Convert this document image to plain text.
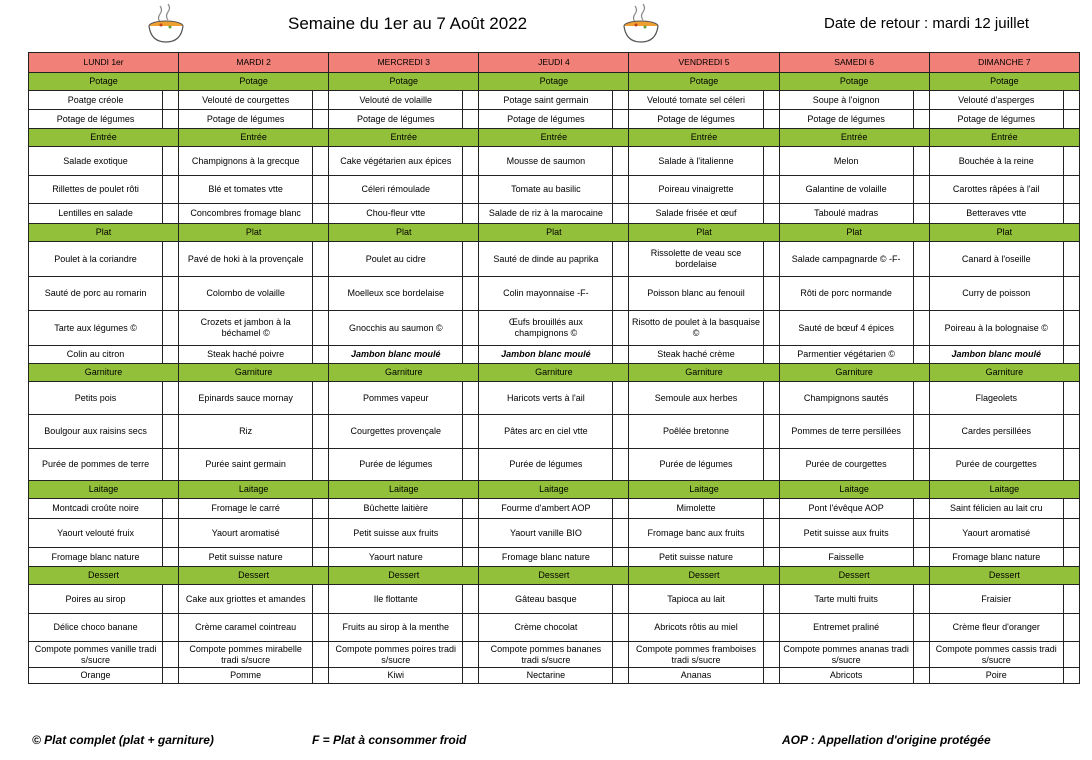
Semaine du 1er au 7 Août 2022	Date de retour : mardi 12 juillet
LUNDI 1er		MARDI 2		MERCREDI 3		JEUDI 4		VENDREDI 5		SAMEDI 6		DIMANCHE 7	
Potage		Potage		Potage		Potage		Potage		Potage		Potage	
Poatge créole		Velouté de courgettes		Velouté de volaille		Potage saint germain		Velouté tomate sel céleri		Soupe à l'oignon		Velouté d'asperges	
Potage de légumes		Potage de légumes		Potage de légumes		Potage de légumes		Potage de légumes		Potage de légumes		Potage de légumes	
Entrée		Entrée		Entrée		Entrée		Entrée		Entrée		Entrée	
Salade exotique		Champignons à la grecque		Cake végétarien aux épices		Mousse de saumon		Salade à l'italienne		Melon		Bouchée à la reine	
Rillettes de poulet rôti		Blé et tomates vtte		Céleri rémoulade		Tomate au basilic		Poireau vinaigrette		Galantine de volaille		Carottes râpées à l'ail	
Lentilles en salade		Concombres fromage blanc		Chou-fleur vtte		Salade de riz à la marocaine		Salade frisée et œuf		Taboulé madras		Betteraves vtte	
Plat		Plat		Plat		Plat		Plat		Plat		Plat	
Poulet à la coriandre		Pavé de hoki à la provençale		Poulet au cidre		Sauté de dinde au paprika		Rissolette de veau sce bordelaise		Salade campagnarde © -F-		Canard à l'oseille	
Sauté de porc au romarin		Colombo de volaille		Moelleux sce bordelaise		Colin mayonnaise -F-		Poisson blanc au fenouil		Rôti de porc normande		Curry de poisson	
Tarte aux légumes ©		Crozets et jambon à la béchamel ©		Gnocchis au saumon ©		Œufs brouillés aux champignons ©		Risotto de poulet à la basquaise ©		Sauté de bœuf 4 épices		Poireau à la bolognaise ©	
Colin au citron		Steak haché poivre		Jambon blanc moulé		Jambon blanc moulé		Steak haché crème		Parmentier végétarien ©		Jambon blanc moulé	
Garniture		Garniture		Garniture		Garniture		Garniture		Garniture		Garniture	
Petits pois		Epinards sauce mornay		Pommes vapeur		Haricots verts à l'ail		Semoule aux herbes		Champignons sautés		Flageolets	
Boulgour aux raisins secs		Riz		Courgettes provençale		Pâtes arc en ciel vtte		Poêlée bretonne		Pommes de terre persillées		Cardes persillées	
Purée de pommes de terre		Purée saint germain		Purée de légumes		Purée de légumes		Purée de légumes		Purée de courgettes		Purée de courgettes	
Laitage		Laitage		Laitage		Laitage		Laitage		Laitage		Laitage	
Montcadi croûte noire		Fromage le carré		Bûchette laitière		Fourme d'ambert AOP		Mimolette		Pont l'évêque AOP		Saint félicien au lait cru	
Yaourt velouté fruix		Yaourt aromatisé		Petit suisse aux fruits		Yaourt vanille BIO		Fromage banc aux fruits		Petit suisse aux fruits		Yaourt aromatisé	
Fromage blanc nature		Petit suisse nature		Yaourt nature		Fromage blanc nature		Petit suisse nature		Faisselle		Fromage blanc nature	
Dessert		Dessert		Dessert		Dessert		Dessert		Dessert		Dessert	
Poires au sirop		Cake aux griottes et amandes		Ile flottante		Gâteau basque		Tapioca au lait		Tarte multi fruits		Fraisier	
Délice choco banane		Crème caramel cointreau		Fruits au sirop à la menthe		Crème chocolat		Abricots rôtis au miel		Entremet praliné		Crème fleur d'oranger	
Compote pommes vanille tradi s/sucre		Compote pommes mirabelle tradi s/sucre		Compote pommes poires tradi s/sucre		Compote pommes bananes tradi s/sucre		Compote pommes framboises tradi s/sucre		Compote pommes ananas tradi s/sucre		Compote pommes cassis tradi s/sucre	
Orange		Pomme		Kiwi		Nectarine		Ananas		Abricots		Poire	
© Plat complet (plat + garniture)	F = Plat à consommer froid	AOP : Appellation d'origine protégée
